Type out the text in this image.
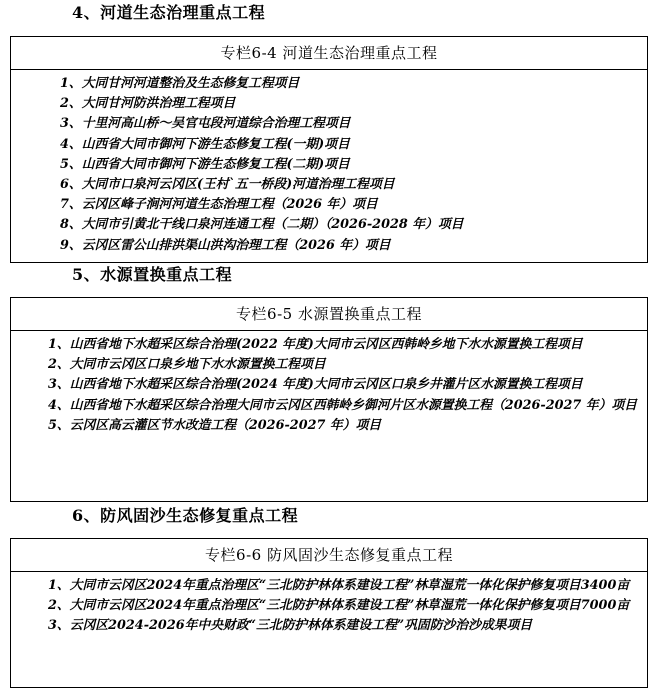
4、河道生态治理重点工程
专栏6-4 河道生态治理重点工程
1、大同甘河河道整治及生态修复工程项目
2、大同甘河防洪治理工程项目
3、十里河高山桥～吴官屯段河道综合治理工程项目
4、山西省大同市御河下游生态修复工程(一期)项目
5、山西省大同市御河下游生态修复工程(二期)项目
6、大同市口泉河云冈区(王村`五一桥段)河道治理工程项目
7、云冈区峰子涧河河道生态治理工程（2026 年）项目
8、大同市引黄北干线口泉河连通工程（二期）（2026-2028 年）项目
9、云冈区雷公山排洪渠山洪沟治理工程（2026 年）项目
5、水源置换重点工程
专栏6-5 水源置换重点工程
1、山西省地下水超采区综合治理(2022 年度)大同市云冈区西韩岭乡地下水水源置换工程项目
2、大同市云冈区口泉乡地下水水源置换工程项目
3、山西省地下水超采区综合治理(2024 年度)大同市云冈区口泉乡井灌片区水源置换工程项目
4、山西省地下水超采区综合治理大同市云冈区西韩岭乡御河片区水源置换工程（2026-2027 年）项目
5、云冈区高云灌区节水改造工程（2026-2027 年）项目
6、防风固沙生态修复重点工程
专栏6-6 防风固沙生态修复重点工程
1、大同市云冈区2024年重点治理区“三北防护林体系建设工程”林草湿荒一体化保护修复项目3400亩
2、大同市云冈区2024年重点治理区“三北防护林体系建设工程”林草湿荒一体化保护修复项目7000亩
3、云冈区2024-2026年中央财政“三北防护林体系建设工程”巩固防沙治沙成果项目
